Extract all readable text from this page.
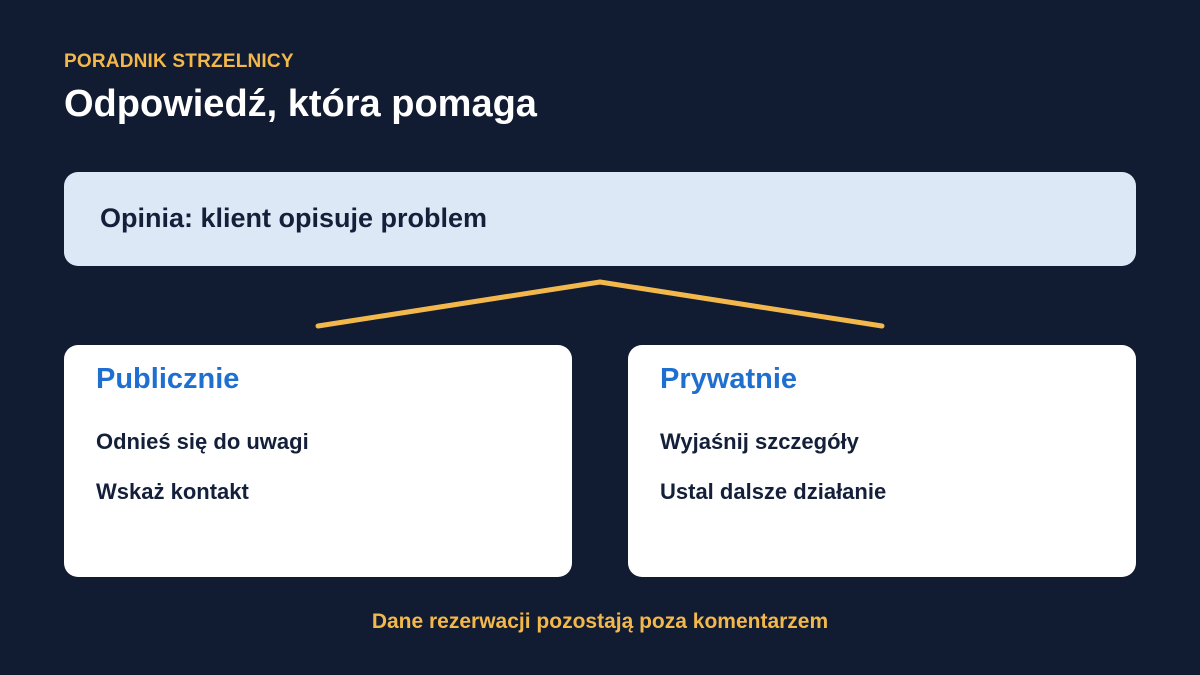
PORADNIK STRZELNICY
Odpowiedź, która pomaga
Opinia: klient opisuje problem
Publicznie
Odnieś się do uwagi
Wskaż kontakt
Prywatnie
Wyjaśnij szczegóły
Ustal dalsze działanie
Dane rezerwacji pozostają poza komentarzem
